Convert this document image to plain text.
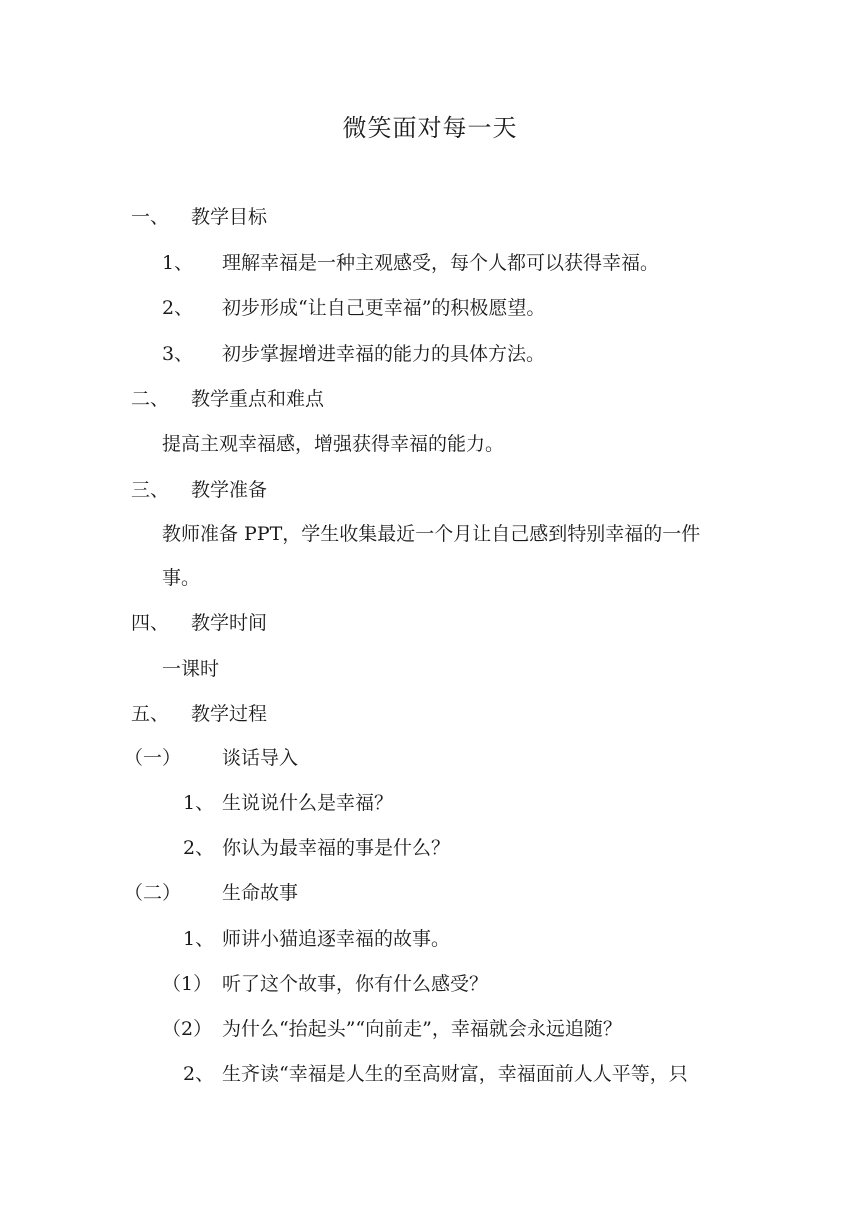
微笑面对每一天
一、 教学目标
1、 理解幸福是一种主观感受，每个人都可以获得幸福。
2、 初步形成“让自己更幸福”的积极愿望。
3、 初步掌握增进幸福的能力的具体方法。
二、 教学重点和难点
提高主观幸福感，增强获得幸福的能力。
三、 教学准备
教师准备 PPT，学生收集最近一个月让自己感到特别幸福的一件
事。
四、 教学时间
一课时
五、 教学过程
（一） 谈话导入
1、 生说说什么是幸福？
2、 你认为最幸福的事是什么？
（二） 生命故事
1、 师讲小猫追逐幸福的故事。
（1） 听了这个故事，你有什么感受？
（2） 为什么“抬起头”“向前走”，幸福就会永远追随？
2、 生齐读“幸福是人生的至高财富，幸福面前人人平等，只
